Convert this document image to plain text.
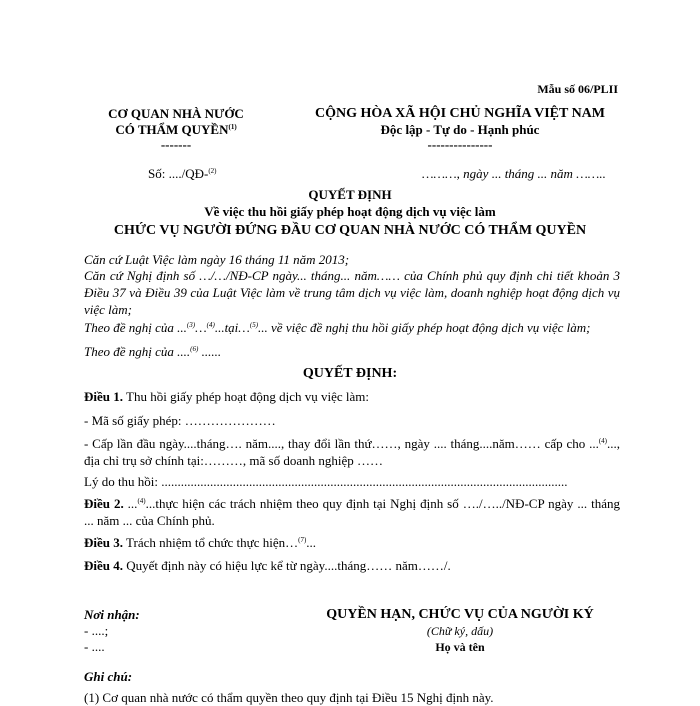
Mẫu số 06/PLII
CƠ QUAN NHÀ NƯỚC
CÓ THẨM QUYỀN$^{(1)}$
-------
Số: ..../QĐ-$^{(2)}$
CỘNG HÒA XÃ HỘI CHỦ NGHĨA VIỆT NAM
Độc lập - Tự do - Hạnh phúc
---------------
………, ngày ... tháng ... năm ……..
QUYẾT ĐỊNH
Về việc thu hồi giấy phép hoạt động dịch vụ việc làm
CHỨC VỤ NGƯỜI ĐỨNG ĐẦU CƠ QUAN NHÀ NƯỚC CÓ THẨM QUYỀN
Căn cứ Luật Việc làm ngày 16 tháng 11 năm 2013;
Căn cứ Nghị định số …/…/NĐ-CP ngày... tháng... năm…… của Chính phủ quy định chi tiết khoản 3 Điều 37 và Điều 39 của Luật Việc làm về trung tâm dịch vụ việc làm, doanh nghiệp hoạt động dịch vụ việc làm;
Theo đề nghị của ...$^{(3)}$…$^{(4)}$...tại…$^{(5)}$... về việc đề nghị thu hồi giấy phép hoạt động dịch vụ việc làm;
Theo đề nghị của ....$^{(6)}$ ......
QUYẾT ĐỊNH:
Điều 1. Thu hồi giấy phép hoạt động dịch vụ việc làm:
- Mã số giấy phép: …………………
- Cấp lần đầu ngày....tháng…. năm...., thay đổi lần thứ……, ngày .... tháng....năm…… cấp cho ...$^{(4)}$..., địa chỉ trụ sở chính tại:………, mã số doanh nghiệp ……
Lý do thu hồi: .............................................................................................................................
Điều 2. ...$^{(4)}$...thực hiện các trách nhiệm theo quy định tại Nghị định số …./…../NĐ-CP ngày ... tháng ... năm ... của Chính phủ.
Điều 3. Trách nhiệm tổ chức thực hiện…$^{(7)}$...
Điều 4. Quyết định này có hiệu lực kể từ ngày....tháng…… năm……/.
Nơi nhận:
- ....;
- ....
QUYỀN HẠN, CHỨC VỤ CỦA NGƯỜI KÝ
(Chữ ký, dấu)
Họ và tên
Ghi chú:
(1) Cơ quan nhà nước có thẩm quyền theo quy định tại Điều 15 Nghị định này.
